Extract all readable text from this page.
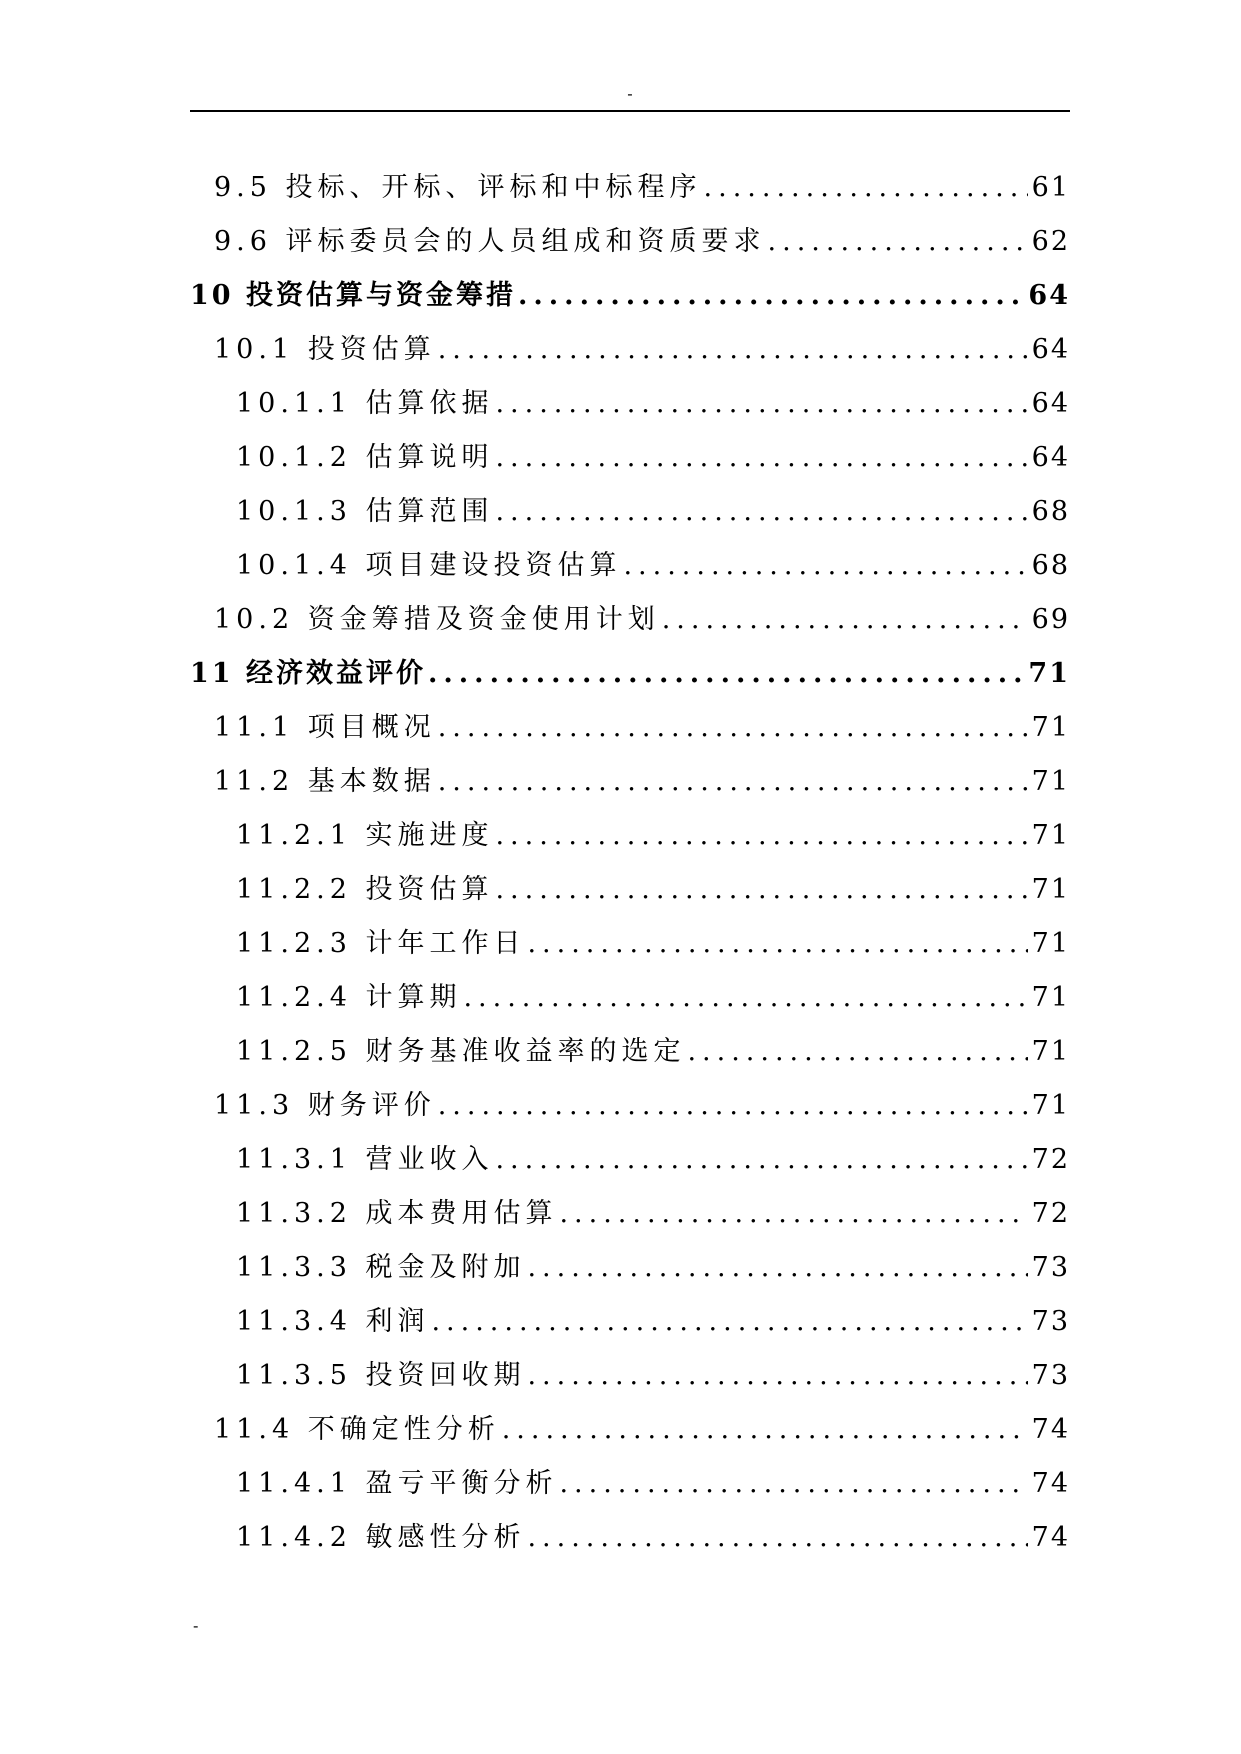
-
9.5 投标、开标、评标和中标程序 .....	61
9.6 评标委员会的人员组成和资质要求 .....	62
10 投资估算与资金筹措 .....	64
10.1 投资估算 .....	64
10.1.1 估算依据 .....	64
10.1.2 估算说明 .....	64
10.1.3 估算范围 .....	68
10.1.4 项目建设投资估算 .....	68
10.2 资金筹措及资金使用计划 .....	69
11 经济效益评价 .....	71
11.1 项目概况 .....	71
11.2 基本数据 .....	71
11.2.1 实施进度 .....	71
11.2.2 投资估算 .....	71
11.2.3 计年工作日 .....	71
11.2.4 计算期 .....	71
11.2.5 财务基准收益率的选定 .....	71
11.3 财务评价 .....	71
11.3.1 营业收入 .....	72
11.3.2 成本费用估算 .....	72
11.3.3 税金及附加 .....	73
11.3.4 利润 .....	73
11.3.5 投资回收期 .....	73
11.4 不确定性分析 .....	74
11.4.1 盈亏平衡分析 .....	74
11.4.2 敏感性分析 .....	74
-
